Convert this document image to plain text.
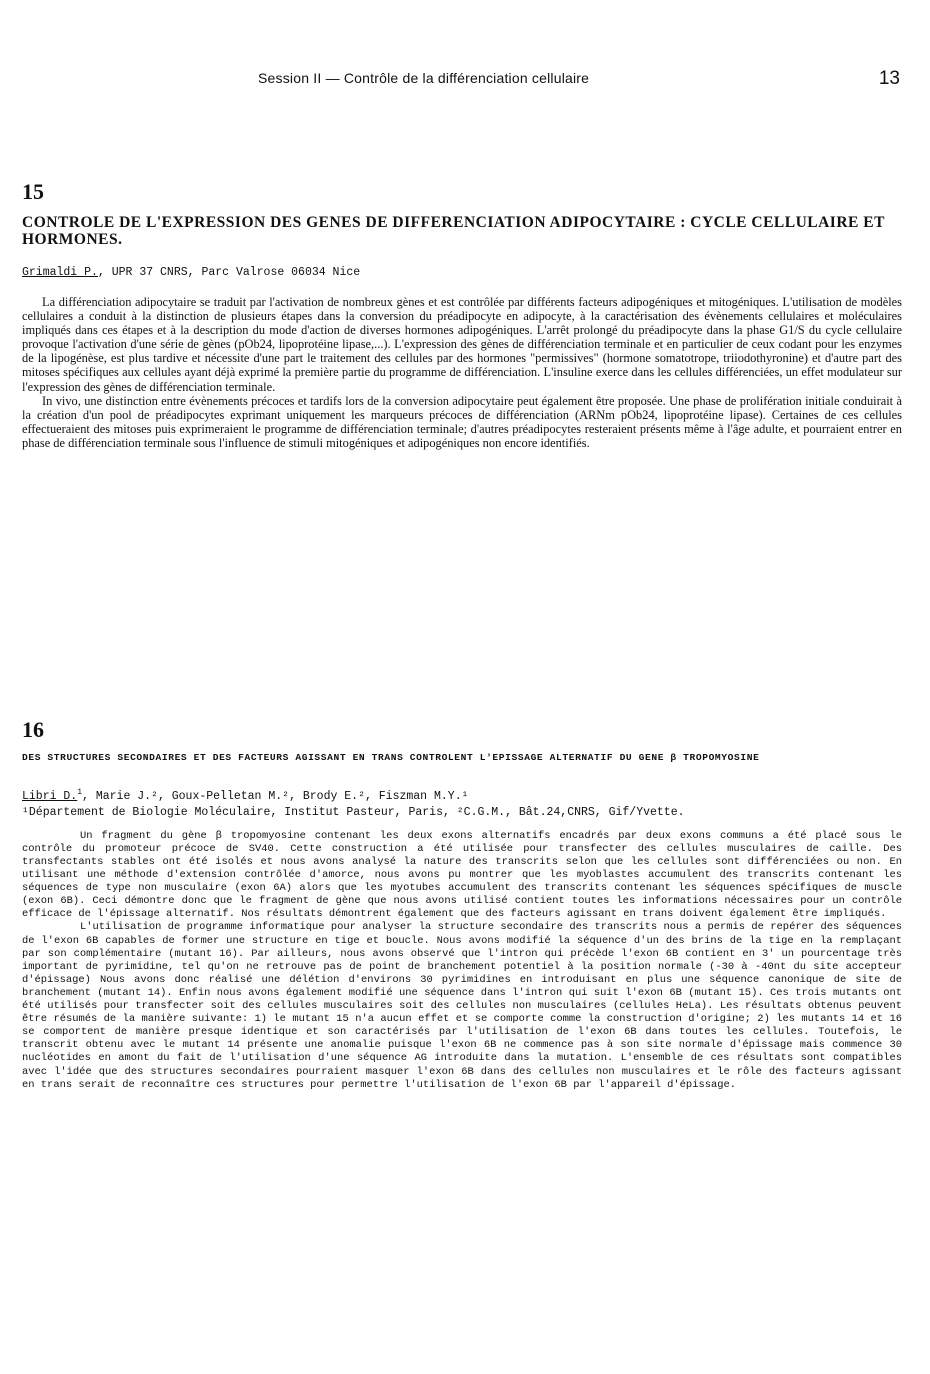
Session II — Contrôle de la différenciation cellulaire	13
15
CONTROLE DE L'EXPRESSION DES GENES DE DIFFERENCIATION ADIPOCYTAIRE : CYCLE CELLULAIRE ET HORMONES.
Grimaldi P., UPR 37 CNRS, Parc Valrose 06034 Nice

La différenciation adipocytaire se traduit par l'activation de nombreux gènes et est contrôlée par différents facteurs adipogéniques et mitogéniques. L'utilisation de modèles cellulaires a conduit à la distinction de plusieurs étapes dans la conversion du préadipocyte en adipocyte, à la caractérisation des évènements cellulaires et moléculaires impliqués dans ces étapes et à la description du mode d'action de diverses hormones adipogéniques. L'arrêt prolongé du préadipocyte dans la phase G1/S du cycle cellulaire provoque l'activation d'une série de gènes (pOb24, lipoprotéine lipase,...). L'expression des gènes de différenciation terminale et en particulier de ceux codant pour les enzymes de la lipogénèse, est plus tardive et nécessite d'une part le traitement des cellules par des hormones "permissives" (hormone somatotrope, triiodothyronine) et d'autre part des mitoses spécifiques aux cellules ayant déjà exprimé la première partie du programme de différenciation. L'insuline exerce dans les cellules différenciées, un effet modulateur sur l'expression des gènes de différenciation terminale.

In vivo, une distinction entre évènements précoces et tardifs lors de la conversion adipocytaire peut également être proposée. Une phase de prolifération initiale conduirait à la création d'un pool de préadipocytes exprimant uniquement les marqueurs précoces de différenciation (ARNm pOb24, lipoprotéine lipase). Certaines de ces cellules effectueraient des mitoses puis exprimeraient le programme de différenciation terminale; d'autres préadipocytes resteraient présents même à l'âge adulte, et pourraient entrer en phase de différenciation terminale sous l'influence de stimuli mitogéniques et adipogéniques non encore identifiés.

16
DES STRUCTURES SECONDAIRES ET DES FACTEURS AGISSANT EN TRANS CONTROLENT L'EPISSAGE ALTERNATIF DU GENE β TROPOMYOSINE
Libri D.$^1$, Marie J.², Goux-Pelletan M.², Brody E.², Fiszman M.Y.¹
¹Département de Biologie Moléculaire, Institut Pasteur, Paris, ²C.G.M., Bât.24,CNRS, Gif/Yvette.

Un fragment du gène β tropomyosine contenant les deux exons alternatifs encadrés par deux exons communs a été placé sous le contrôle du promoteur précoce de SV40. Cette construction a été utilisée pour transfecter des cellules musculaires de caille. Des transfectants stables ont été isolés et nous avons analysé la nature des transcrits selon que les cellules sont différenciées ou non. En utilisant une méthode d'extension contrôlée d'amorce, nous avons pu montrer que les myoblastes accumulent des transcrits contenant les séquences de type non musculaire (exon 6A) alors que les myotubes accumulent des transcrits contenant les séquences spécifiques de muscle (exon 6B). Ceci démontre donc que le fragment de gène que nous avons utilisé contient toutes les informations nécessaires pour un contrôle efficace de l'épissage alternatif. Nos résultats démontrent également que des facteurs agissant en trans doivent également être impliqués.

L'utilisation de programme informatique pour analyser la structure secondaire des transcrits nous a permis de repérer des séquences de l'exon 6B capables de former une structure en tige et boucle. Nous avons modifié la séquence d'un des brins de la tige en la remplaçant par son complémentaire (mutant 16). Par ailleurs, nous avons observé que l'intron qui précède l'exon 6B contient en 3' un pourcentage très important de pyrimidine, tel qu'on ne retrouve pas de point de branchement potentiel à la position normale (-30 à -40nt du site accepteur d'épissage) Nous avons donc réalisé une délétion d'environs 30 pyrimidines en introduisant en plus une séquence canonique de site de branchement (mutant 14). Enfin nous avons également modifié une séquence dans l'intron qui suit l'exon 6B (mutant 15). Ces trois mutants ont été utilisés pour transfecter soit des cellules musculaires soit des cellules non musculaires (cellules HeLa). Les résultats obtenus peuvent être résumés de la manière suivante: 1) le mutant 15 n'a aucun effet et se comporte comme la construction d'origine; 2) les mutants 14 et 16 se comportent de manière presque identique et son caractérisés par l'utilisation de l'exon 6B dans toutes les cellules. Toutefois, le transcrit obtenu avec le mutant 14 présente une anomalie puisque l'exon 6B ne commence pas à son site normale d'épissage mais commence 30 nucléotides en amont du fait de l'utilisation d'une séquence AG introduite dans la mutation. L'ensemble de ces résultats sont compatibles avec l'idée que des structures secondaires pourraient masquer l'exon 6B dans des cellules non musculaires et le rôle des facteurs agissant en trans serait de reconnaître ces structures pour permettre l'utilisation de l'exon 6B par l'appareil d'épissage.
